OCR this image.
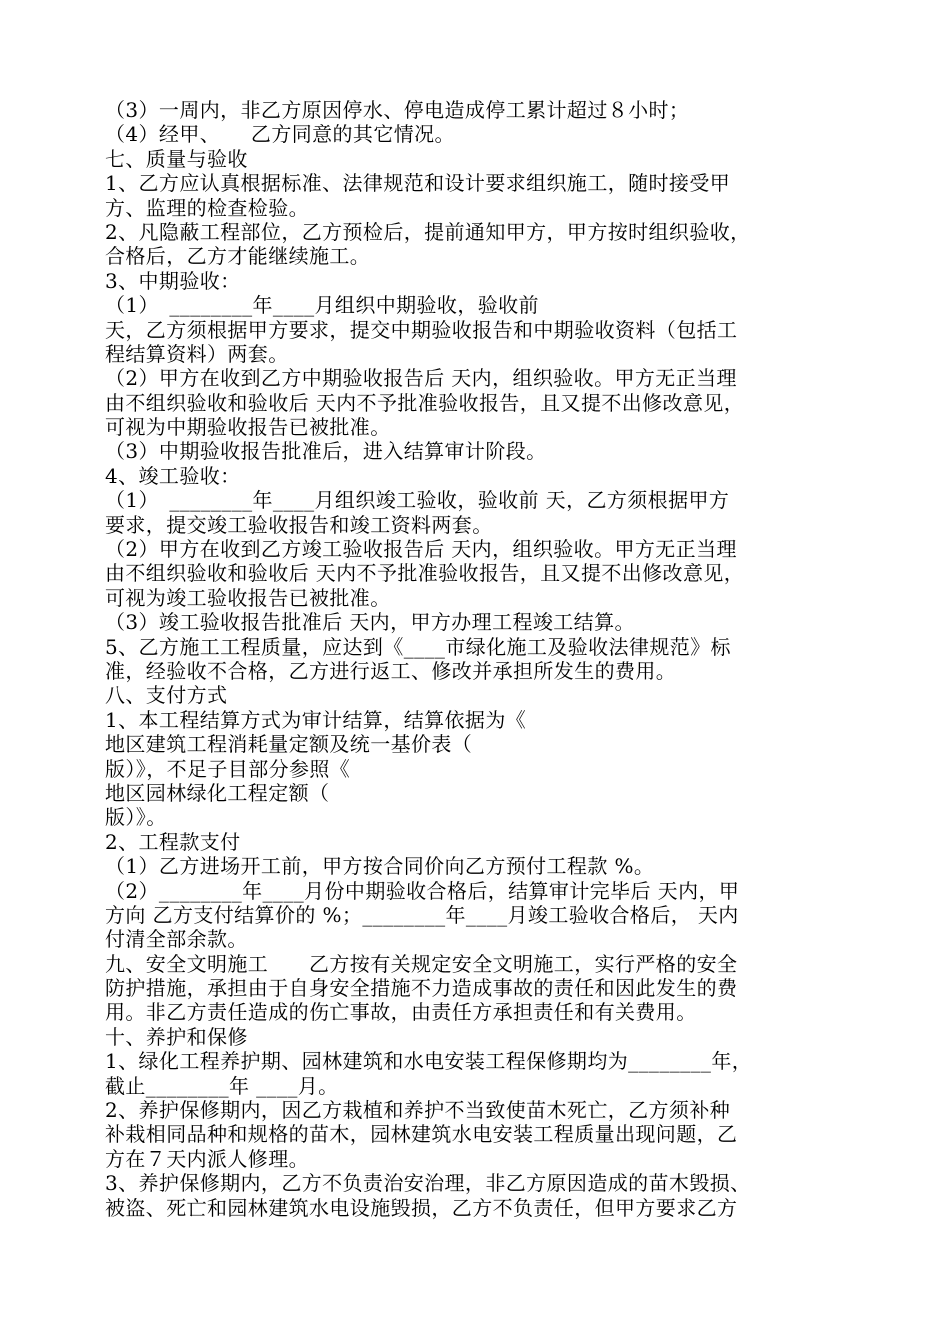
（3）一周内，非乙方原因停水、停电造成停工累计超过８小时；
（4）经甲、　　乙方同意的其它情况。
七、质量与验收
1、乙方应认真根据标准、法律规范和设计要求组织施工，随时接受甲
方、监理的检查检验。
2、凡隐蔽工程部位，乙方预检后，提前通知甲方，甲方按时组织验收，
合格后，乙方才能继续施工。
3、中期验收：
（1）　________年____月组织中期验收，验收前
天，乙方须根据甲方要求，提交中期验收报告和中期验收资料（包括工
程结算资料）两套。
（2）甲方在收到乙方中期验收报告后 天内，组织验收。甲方无正当理
由不组织验收和验收后 天内不予批准验收报告，且又提不出修改意见，
可视为中期验收报告已被批准。
（3）中期验收报告批准后，进入结算审计阶段。
4、竣工验收：
（1）　________年____月组织竣工验收，验收前 天，乙方须根据甲方
要求，提交竣工验收报告和竣工资料两套。
（2）甲方在收到乙方竣工验收报告后 天内，组织验收。甲方无正当理
由不组织验收和验收后 天内不予批准验收报告，且又提不出修改意见，
可视为竣工验收报告已被批准。
（3）竣工验收报告批准后 天内，甲方办理工程竣工结算。
5、乙方施工工程质量，应达到《____市绿化施工及验收法律规范》标
准，经验收不合格，乙方进行返工、修改并承担所发生的费用。
八、支付方式
1、本工程结算方式为审计结算，结算依据为《
地区建筑工程消耗量定额及统一基价表（
版）》，不足子目部分参照《
地区园林绿化工程定额（
版）》。
2、工程款支付
（1）乙方进场开工前，甲方按合同价向乙方预付工程款 %。
（2）________年____月份中期验收合格后，结算审计完毕后 天内，甲
方向 乙方支付结算价的 %；________年____月竣工验收合格后， 天内
付清全部余款。
九、安全文明施工　　乙方按有关规定安全文明施工，实行严格的安全
防护措施，承担由于自身安全措施不力造成事故的责任和因此发生的费
用。非乙方责任造成的伤亡事故，由责任方承担责任和有关费用。
十、养护和保修
1、绿化工程养护期、园林建筑和水电安装工程保修期均为________年，
截止________年 ____月。
2、养护保修期内，因乙方栽植和养护不当致使苗木死亡，乙方须补种
补栽相同品种和规格的苗木，园林建筑水电安装工程质量出现问题，乙
方在７天内派人修理。
3、养护保修期内，乙方不负责治安治理，非乙方原因造成的苗木毁损、
被盗、死亡和园林建筑水电设施毁损，乙方不负责任，但甲方要求乙方
